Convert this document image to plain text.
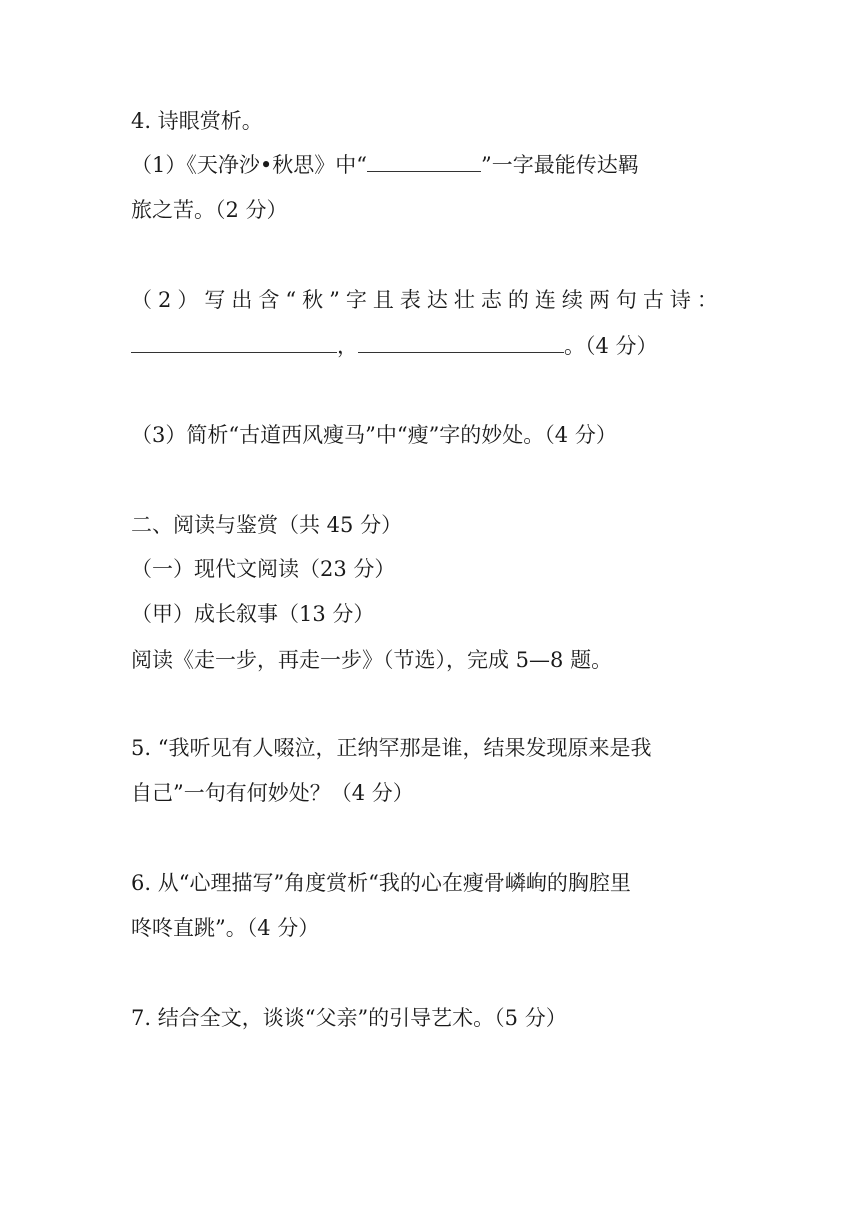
4. 诗眼赏析。
（1）《天净沙•秋思》中“	”一字最能传达羁
旅之苦。（2 分）
（2）写出含“秋”字且表达壮志的连续两句古诗：
，	。（4 分）
（3）简析“古道西风瘦马”中“瘦”字的妙处。（4 分）
二、阅读与鉴赏（共 45 分）
（一）现代文阅读（23 分）
（甲）成长叙事（13 分）
阅读《走一步，再走一步》（节选），完成 5—8 题。
5. “我听见有人啜泣，正纳罕那是谁，结果发现原来是我
自己”一句有何妙处？（4 分）
6. 从“心理描写”角度赏析“我的心在瘦骨嶙峋的胸腔里
咚咚直跳”。（4 分）
7. 结合全文，谈谈“父亲”的引导艺术。（5 分）
